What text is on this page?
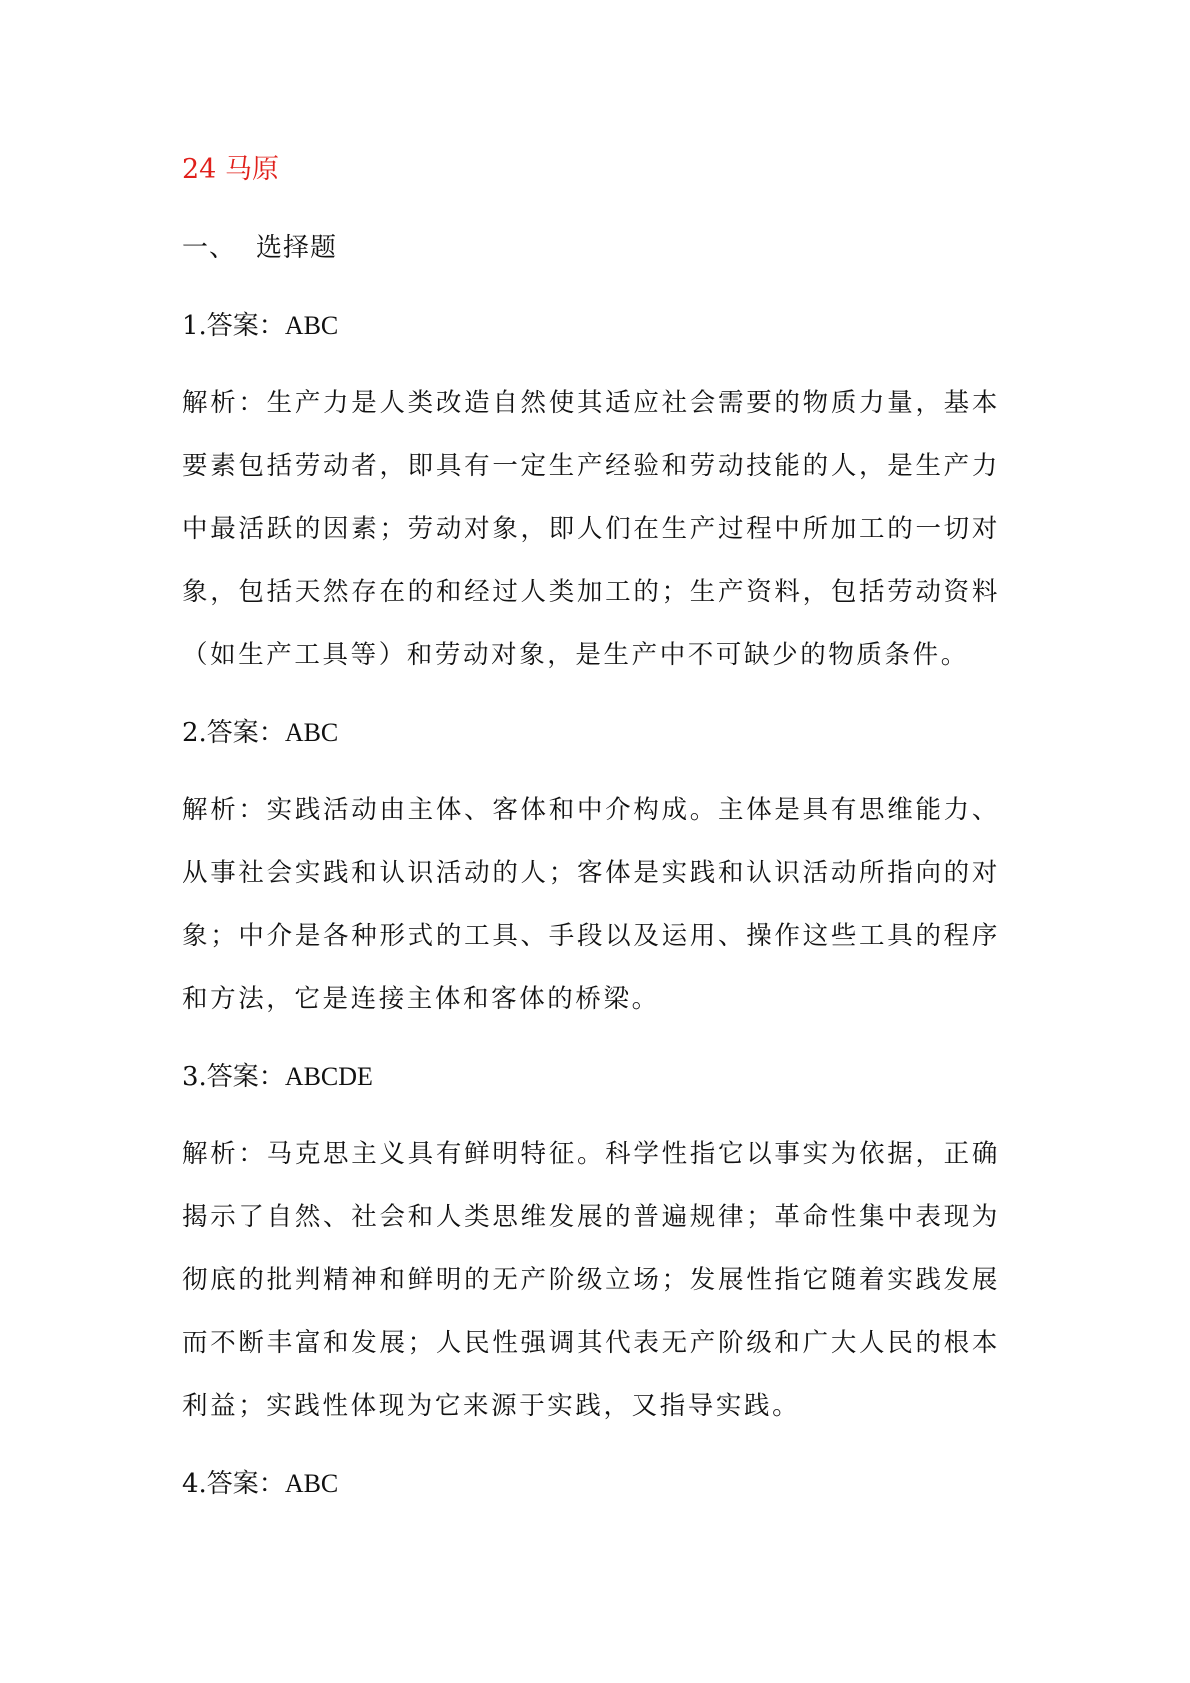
24 马原
一、 选择题
1.答案：ABC
解析：生产力是人类改造自然使其适应社会需要的物质力量，基本要素包括劳动者，即具有一定生产经验和劳动技能的人，是生产力中最活跃的因素；劳动对象，即人们在生产过程中所加工的一切对象，包括天然存在的和经过人类加工的；生产资料，包括劳动资料（如生产工具等）和劳动对象，是生产中不可缺少的物质条件。
2.答案：ABC
解析：实践活动由主体、客体和中介构成。主体是具有思维能力、从事社会实践和认识活动的人；客体是实践和认识活动所指向的对象；中介是各种形式的工具、手段以及运用、操作这些工具的程序和方法，它是连接主体和客体的桥梁。
3.答案：ABCDE
解析：马克思主义具有鲜明特征。科学性指它以事实为依据，正确揭示了自然、社会和人类思维发展的普遍规律；革命性集中表现为彻底的批判精神和鲜明的无产阶级立场；发展性指它随着实践发展而不断丰富和发展；人民性强调其代表无产阶级和广大人民的根本利益；实践性体现为它来源于实践，又指导实践。
4.答案：ABC
